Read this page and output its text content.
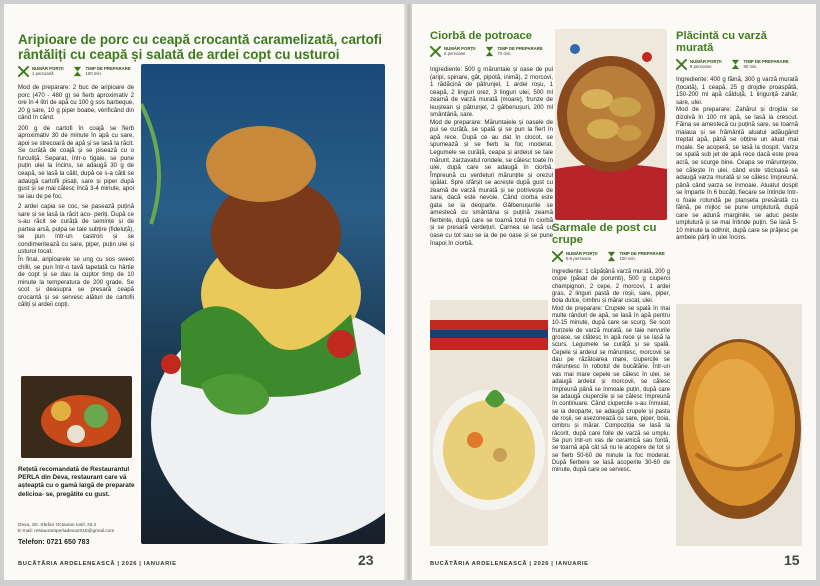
Aripioare de porc cu ceapă crocantă caramelizată, cartofi rântăliți cu ceapă și salată de ardei copt cu usturoi
NUMĂR PORȚII
1 persoană
TIMP DE PREPARARE
100 min.

Mod de preparare: 2 buc de aripioare de porc (470 - 480 g) se fierb aproximativ 2 ore în 4 litri de apă cu 100 g sos barbeque, 20 g sare, 10 g piper boabe, verificând din când în când.

200 g de cartofi în coajă se fierb aproximativ 30 de minute în apă cu sare, apoi se strecoară de apă și se lasă la răcit. Se curăță de coajă și se pisează cu o furculiță. Separat, într-o tigaie, se pune puțin ulei la încins, se adaugă 30 g de ceapă, se lasă la călit, după ce s-a călit se adaugă cartofii pisați, sare și piper după gust și se mai călesc încă 3-4 minute, apoi se iau de pe foc.

2 ardei capia se coc, se pasează puțină sare și se lasă la răcit aco- periți. După ce s-au răcit se curăță de semințe și de partea arsă, pulpa se taie subțire (fideluță), se pun într-un castron și se condimentează cu sare, piper, puțin ulei și usturoi tocat.

În final, aripioarele se ung cu sos sweet chilli, se pun într-o tavă tapetată cu hârtie de copt și se dau la cuptor timp de 10 minute la temperatura de 200 grade. Se scot și deasupra se presară ceapă crocantă și se servesc alături de cartofii căliți și ardeii copți.

Rețetă recomandată de Restaurantul PERLA din Deva, restaurant care vă așteaptă cu o gamă largă de preparate delicioa- se, pregătite cu gust.
Deva, Str. Stefan Octavian Iosif, Nr.2
E-mail: restaurantperladeva2018@gmail.com
Telefon: 0721 650 783
BUCĂTĂRIA ARDELENEASCĂ | 2026 | IANUARIE	23
Ciorbă de potroace
NUMĂR PORȚII
6 persoane
TIMP DE PREPARARE
70 min.

Ingrediente: 500 g măruntaie și oase de pui (aripi, spinare, gât, pipotă, inimă), 2 morcovi, 1 rădăcină de pătrunjel, 1 ardei roșu, 1 ceapă, 2 linguri orez, 3 linguri ulei, 500 ml zeamă de varză murată (moare), frunze de leuștean și pătrunjel, 2 gălbenușuri, 200 ml smântână, sare.

Mod de preparare: Măruntaiele și oasele de pui se curăță, se spală și se pun la fiert în apă rece. După ce au dat în clocot, se spumează și se fierb la foc moderat. Legumele se curăță, ceapa și ardeiul se taie mărunt, zarzavatul rondele, se călesc toate în ulei, după care se adaugă în ciorbă. Împreună cu verdețuri mărunțite și orezul spălat. Spre sfârșit se acrește după gust cu zeamă de varză murată și se potrivește de sare, dacă este nevoie. Când ciorba este gata se ia deoparte. Gălbenușurile se amestecă cu smântâna și puțină zeamă fierbinte, după care se toarnă totul în ciorbă și se presară verdețuri. Carnea se lasă cu oase cu tot sau se ia de pe oase și se pune înapoi în ciorbă.

Sarmale de post cu crupe
NUMĂR PORȚII
5-6 persoane
TIMP DE PREPARARE
100 min.

Ingrediente: 1 căpățână varză murată, 200 g crupe (păsat de porumb), 500 g ciuperci champignon, 2 cepe, 2 morcovi, 1 ardei gras, 2 linguri pastă de roșii, sare, piper, boia dulce, cimbru și mărar uscat, ulei.

Mod de preparare: Crupele se spală în mai multe rânduri de apă, se lasă în apă pentru 10-15 minute, după care se scurg. Se scot frunzele de varză murată, se taie nervurile groase, se clătesc în apă rece și se lasă la scurs. Legumele se curăță și se spală. Cepele și ardeiul se mărunțesc, morcovii se dau pe răzătoarea mare, ciupercile se mărunțesc în robotul de bucătărie. Într-un vas mai mare cepele se călesc în ulei, se adaugă ardeiul și morcovii, se călesc împreună până se înmoaie puțin, după care se adaugă ciupercile și se călesc împreună în continuare. Când ciupercile s-au înmuiat, se ia deoparte, se adaugă crupele și pasta de roșii, se asezonează cu sare, piper, boia, cimbru și mărar. Compoziția se lasă la răcorit, după care foile de varză se umplu. Se pun într-un vas de ceramică sau fontă, se toarnă apă cât să nu le acopere de tot și se fierb 50-60 de minute la foc moderat. După fierbere se lasă acoperite 30-60 de minute, după care se servesc.

Plăcintă cu varză murată
NUMĂR PORȚII
8 persoane
TIMP DE PREPARARE
90 min.

Ingrediente: 400 g făină, 300 g varză murată (tocată), 1 ceapă, 25 g drojdie proaspătă, 150-200 ml apă călduță, 1 linguriță zahăr, sare, ulei.

Mod de preparare: Zahărul și drojdia se dizolvă în 100 ml apă, se lasă la crescut. Făina se amestecă cu puțină sare, se toarnă maiaua și se frământă aluatul adăugând treptat apă, până se obține un aluat mai moale. Se acoperă, se lasă la dospit. Varza se spală sub jet de apă rece dacă este prea acră, se scurge bine. Ceapa se mărunțește, se călește în ulei, când este sticloasă se adaugă varza murată și se călesc împreună, până când varza se înmoaie. Aluatul dospit se împarte în 6 bucăți, fiecare se întinde într-o foaie rotundă pe planșeta presărată cu făină, pe mijloc se pune umplutură, după care se adună marginile, se aduc peste umplutură și se mai întinde puțin. Se lasă 5-10 minute la odihnit, după care se prăjesc pe ambele părți în ulei încins.

BUCĂTĂRIA ARDELENEASCĂ | 2026 | IANUARIE	15
